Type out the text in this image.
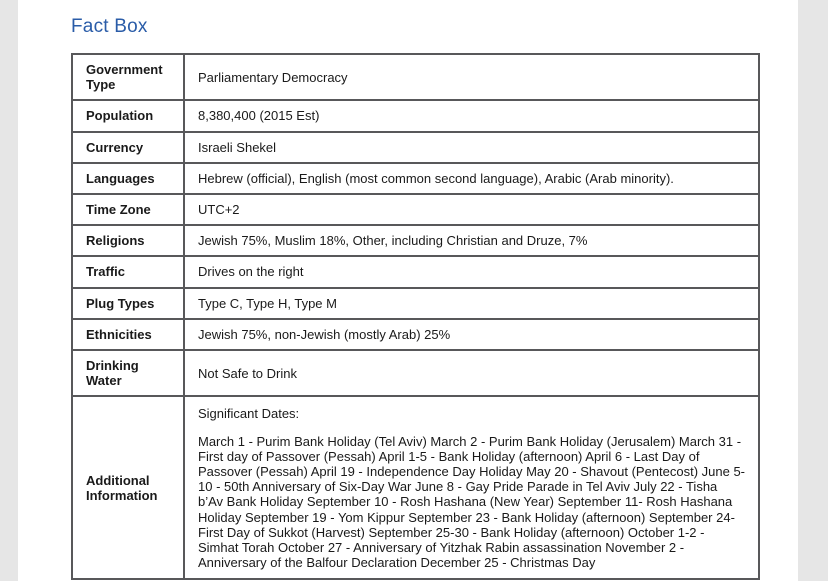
Fact Box
Government Type	Parliamentary Democracy
Population	8,380,400 (2015 Est)
Currency	Israeli Shekel
Languages	Hebrew (official), English (most common second language), Arabic (Arab minority).
Time Zone	UTC+2
Religions	Jewish 75%, Muslim 18%, Other, including Christian and Druze, 7%
Traffic	Drives on the right
Plug Types	Type C, Type H, Type M
Ethnicities	Jewish 75%, non-Jewish (mostly Arab) 25%
Drinking Water	Not Safe to Drink
Additional Information	Significant Dates:

March 1 - Purim Bank Holiday (Tel Aviv) March 2 - Purim Bank Holiday (Jerusalem) March 31 - First day of Passover (Pessah) April 1-5 - Bank Holiday (afternoon) April 6 - Last Day of Passover (Pessah) April 19 - Independence Day Holiday May 20 - Shavout (Pentecost) June 5-10 - 50th Anniversary of Six-Day War June 8 - Gay Pride Parade in Tel Aviv July 22 - Tisha b’Av Bank Holiday September 10 - Rosh Hashana (New Year) September 11- Rosh Hashana Holiday September 19 - Yom Kippur September 23 - Bank Holiday (afternoon) September 24- First Day of Sukkot (Harvest) September 25-30 - Bank Holiday (afternoon) October 1-2 - Simhat Torah October 27 - Anniversary of Yitzhak Rabin assassination November 2 - Anniversary of the Balfour Declaration December 25 - Christmas Day
